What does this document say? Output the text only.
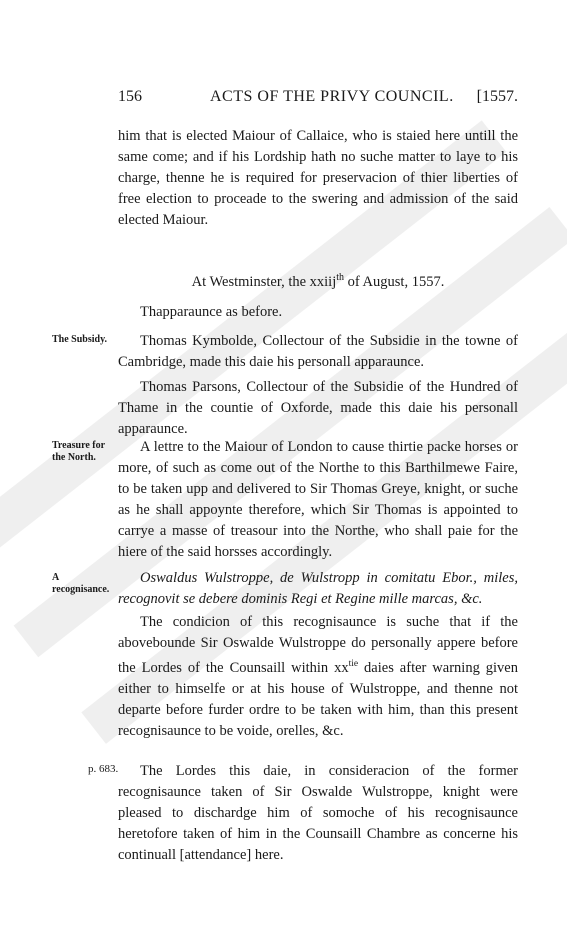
156	ACTS OF THE PRIVY COUNCIL. [1557.

him that is elected Maiour of Callaice, who is staied here untill the same come; and if his Lordship hath no suche matter to laye to his charge, thenne he is required for preservacion of thier liberties of free election to proceade to the swering and admission of the said elected Maiour.

At Westminster, the xxiij$^{th}$ of August, 1557.

Thapparaunce as before.

The Subsidy.	Thomas Kymbolde, Collectour of the Subsidie in the towne of Cambridge, made this daie his personall apparaunce.

Thomas Parsons, Collectour of the Subsidie of the Hundred of Thame in the countie of Oxforde, made this daie his personall apparaunce.

Treasure for the North.

A lettre to the Maiour of London to cause thirtie packe horses or more, of such as come out of the Northe to this Barthilmewe Faire, to be taken upp and delivered to Sir Thomas Greye, knight, or suche as he shall appoynte therefore, which Sir Thomas is appointed to carrye a masse of treasour into the Northe, who shall paie for the hiere of the said horsses accordingly.

A recognisance.

Oswaldus Wulstroppe, de Wulstropp in comitatu Ebor., miles, recognovit se debere dominis Regi et Regine mille marcas, &c.

The condicion of this recognisaunce is suche that if the abovebounde Sir Oswalde Wulstroppe do personally appere before the Lordes of the Counsaill within $xx^{tie}$ daies after warning given either to himselfe or at his house of Wulstroppe, and thenne not departe before furder ordre to be taken with him, than this present recognisaunce to be voide, orelles, &c.

p. 683.	The Lordes this daie, in consideracion of the former recognisaunce taken of Sir Oswalde Wulstroppe, knight were pleased to dischardge him of somoche of his recognisaunce heretofore taken of him in the Counsaill Chambre as concerne his continuall [attendance] here.
